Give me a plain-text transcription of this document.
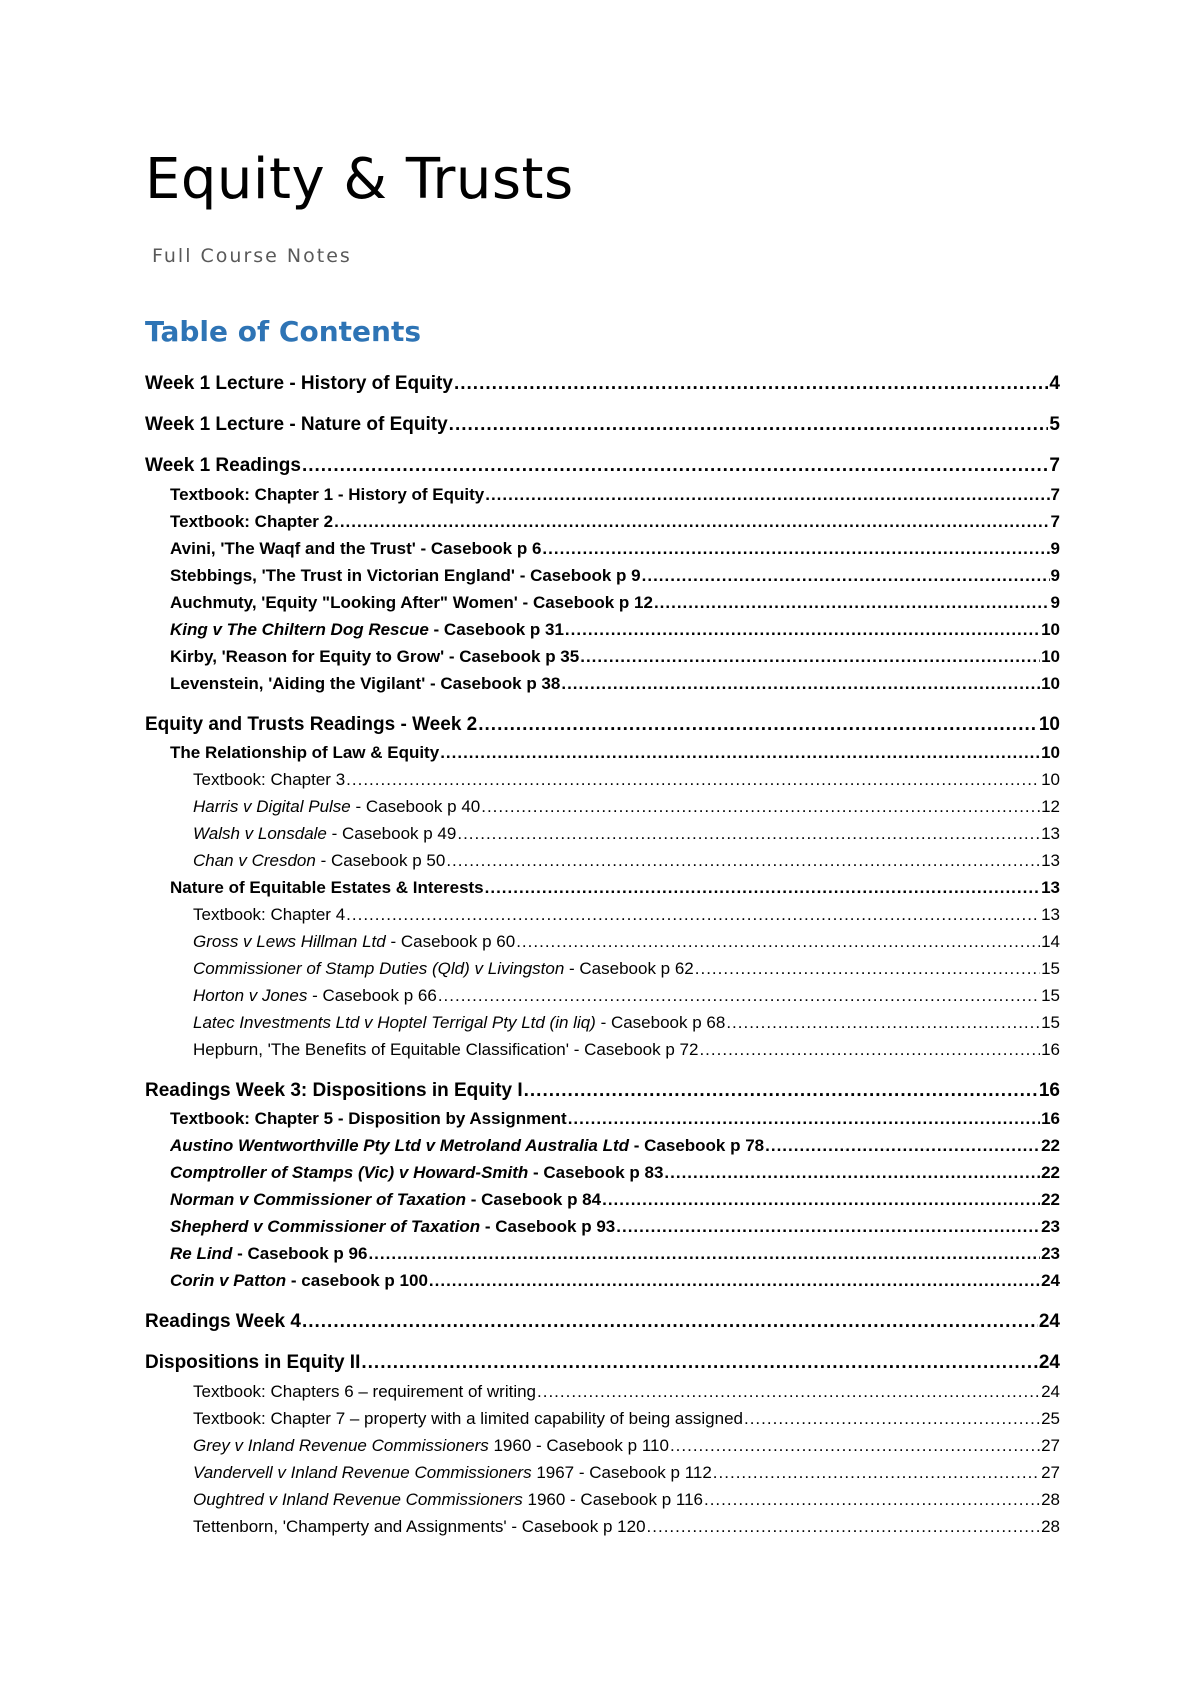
Equity & Trusts

Full Course Notes

Table of Contents
Week 1 Lecture - History of Equity .....	4
Week 1 Lecture - Nature of Equity .....	5
Week 1 Readings .....	7
Textbook: Chapter 1 - History of Equity .....	7
Textbook: Chapter 2 .....	7
Avini, 'The Waqf and the Trust' - Casebook p 6 .....	9
Stebbings, 'The Trust in Victorian England' - Casebook p 9 .....	9
Auchmuty, 'Equity "Looking After" Women' - Casebook p 12 .....	9
King v The Chiltern Dog Rescue - Casebook p 31 .....	10
Kirby, 'Reason for Equity to Grow' - Casebook p 35 .....	10
Levenstein, 'Aiding the Vigilant' - Casebook p 38 .....	10
Equity and Trusts Readings - Week 2 .....	10
The Relationship of Law & Equity .....	10
Textbook: Chapter 3 .....	10
Harris v Digital Pulse - Casebook p 40 .....	12
Walsh v Lonsdale - Casebook p 49 .....	13
Chan v Cresdon - Casebook p 50 .....	13
Nature of Equitable Estates & Interests .....	13
Textbook: Chapter 4 .....	13
Gross v Lews Hillman Ltd - Casebook p 60 .....	14
Commissioner of Stamp Duties (Qld) v Livingston - Casebook p 62 .....	15
Horton v Jones - Casebook p 66 .....	15
Latec Investments Ltd v Hoptel Terrigal Pty Ltd (in liq) - Casebook p 68 .....	15
Hepburn, 'The Benefits of Equitable Classification' - Casebook p 72 .....	16
Readings Week 3: Dispositions in Equity I .....	16
Textbook: Chapter 5 - Disposition by Assignment .....	16
Austino Wentworthville Pty Ltd v Metroland Australia Ltd - Casebook p 78 .....	22
Comptroller of Stamps (Vic) v Howard-Smith - Casebook p 83 .....	22
Norman v Commissioner of Taxation - Casebook p 84 .....	22
Shepherd v Commissioner of Taxation - Casebook p 93 .....	23
Re Lind - Casebook p 96 .....	23
Corin v Patton - casebook p 100 .....	24
Readings Week 4 .....	24
Dispositions in Equity II .....	24
Textbook: Chapters 6 – requirement of writing .....	24
Textbook: Chapter 7 – property with a limited capability of being assigned .....	25
Grey v Inland Revenue Commissioners 1960 - Casebook p 110 .....	27
Vandervell v Inland Revenue Commissioners 1967 - Casebook p 112 .....	27
Oughtred v Inland Revenue Commissioners 1960 - Casebook p 116 .....	28
Tettenborn, 'Champerty and Assignments' - Casebook p 120 .....	28
